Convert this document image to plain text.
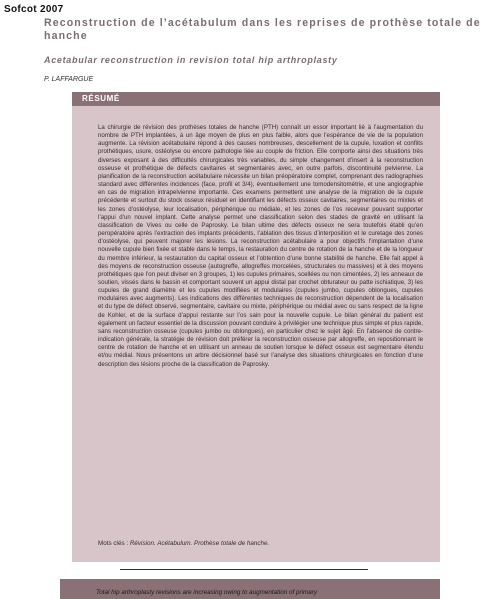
Sofcot 2007
Reconstruction de l’acétabulum dans les reprises de prothèse totale de hanche
Acetabular reconstruction in revision total hip arthroplasty
P. LAFFARGUE
RÉSUMÉ
La chirurgie de révision des prothèses totales de hanche (PTH) connaît un essor important lié à l’augmentation du nombre de PTH implantées, à un âge moyen de plus en plus faible, alors que l’espérance de vie de la population augmente. La révision acétabulaire répond à des causes nombreuses, descellement de la cupule, luxation et conflits prothétiques, usure, ostéolyse ou encore pathologie liée au couple de friction. Elle comporte ainsi des situations très diverses exposant à des difficultés chirurgicales très variables, du simple changement d’insert à la reconstruction osseuse et prothétique de défects cavitaires et segmentaires avec, en outre parfois, discontinuité pelvienne. La planification de la reconstruction acétabulaire nécessite un bilan préopératoire complet, comprenant des radiographies standard avec différentes incidences (face, profil et 3/4), éventuellement une tomodensitométrie, et une angiographie en cas de migration intrapelvienne importante. Ces examens permettent une analyse de la migration de la cupule précédente et surtout du stock osseux résiduel en identifiant les défects osseux cavitaires, segmentaires ou mixtes et les zones d’ostéolyse, leur localisation, périphérique ou médiale, et les zones de l’os receveur pouvant supporter l’appui d’un nouvel implant. Cette analyse permet une classification selon des stades de gravité en utilisant la classification de Vives ou celle de Paprosky. Le bilan ultime des défects osseux ne sera toutefois établi qu’en peropératoire après l’extraction des implants précédents, l’ablation des tissus d’interposition et le curetage des zones d’ostéolyse, qui peuvent majorer les lésions. La reconstruction acétabulaire a pour objectifs l’implantation d’une nouvelle cupule bien fixée et stable dans le temps, la restauration du centre de rotation de la hanche et de la longueur du membre inférieur, la restauration du capital osseux et l’obtention d’une bonne stabilité de hanche. Elle fait appel à des moyens de reconstruction osseuse (autogreffe, allogreffes morcelées, structurales ou massives) et à des moyens prothétiques que l’on peut diviser en 3 groupes, 1) les cupules primaires, scellées ou non cimentées, 2) les anneaux de soutien, vissés dans le bassin et comportant souvent un appui distal par crochet obturateur ou patte ischiatique, 3) les cupules de grand diamètre et les cupules modifiées et modulaires (cupules jumbo, cupules oblongues, cupules modulaires avec augments). Les indications des différentes techniques de reconstruction dépendent de la localisation et du type de défect observé, segmentaire, cavitaire ou mixte, périphérique ou médial avec ou sans respect de la ligne de Kohler, et de la surface d’appui restante sur l’os sain pour la nouvelle cupule. Le bilan général du patient est également un facteur essentiel de la discussion pouvant conduire à privilégier une technique plus simple et plus rapide, sans reconstruction osseuse (cupules jumbo ou oblongues), en particulier chez le sujet âgé. En l’absence de contre-indication générale, la stratégie de révision doit préférer la reconstruction osseuse par allogreffe, en repositionnant le centre de rotation de hanche et en utilisant un anneau de soutien lorsque le défect osseux est segmentaire étendu et/ou médial. Nous présentons un arbre décisionnel basé sur l’analyse des situations chirurgicales en fonction d’une description des lésions proche de la classification de Paprosky.
Mots clés : Révision. Acétabulum. Prothèse totale de hanche.
Total hip arthroplasty revisions are increasing owing to augmentation of primary
